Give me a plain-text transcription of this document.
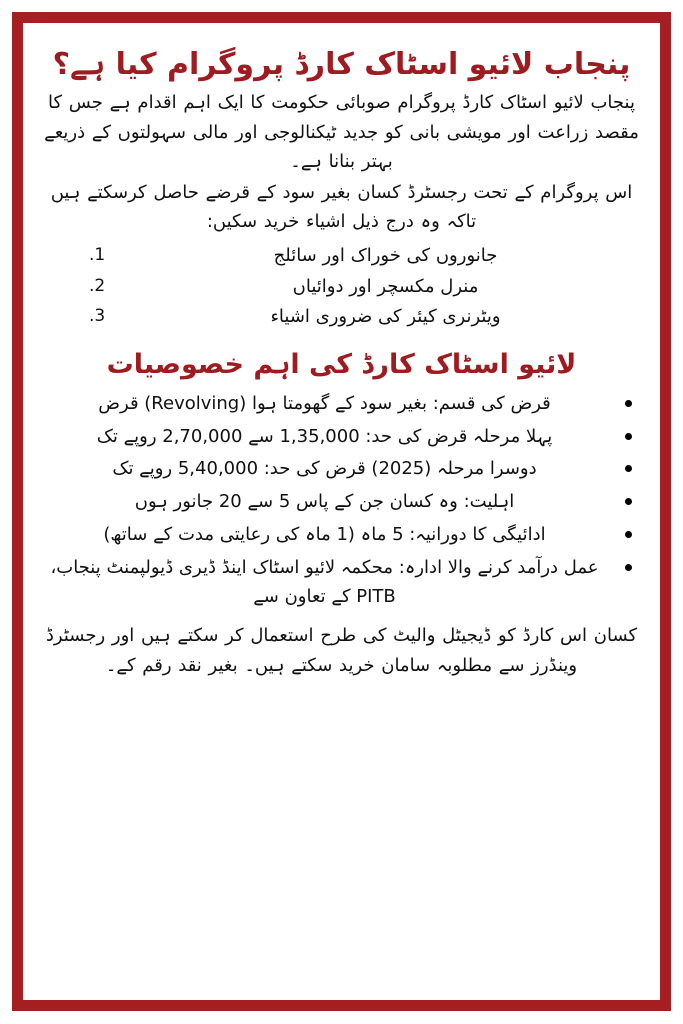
پنجاب لائیو اسٹاک کارڈ پروگرام کیا ہے؟

پنجاب لائیو اسٹاک کارڈ پروگرام صوبائی حکومت کا ایک اہم اقدام ہے جس کا مقصد زراعت اور مویشی بانی کو جدید ٹیکنالوجی اور مالی سہولتوں کے ذریعے بہتر بنانا ہے۔

اس پروگرام کے تحت رجسٹرڈ کسان بغیر سود کے قرضے حاصل کرسکتے ہیں تاکہ وہ درج ذیل اشیاء خرید سکیں:

.1	جانوروں کی خوراک اور سائلج
.2	منرل مکسچر اور دوائیاں
.3	ویٹرنری کیئر کی ضروری اشیاء
لائیو اسٹاک کارڈ کی اہم خصوصیات
قرض کی قسم: بغیر سود کے گھومتا ہوا (Revolving) قرض
پہلا مرحلہ قرض کی حد: 1,35,000 سے 2,70,000 روپے تک
دوسرا مرحلہ (2025) قرض کی حد: 5,40,000 روپے تک
اہلیت: وہ کسان جن کے پاس 5 سے 20 جانور ہوں
ادائیگی کا دورانیہ: 5 ماہ (1 ماہ کی رعایتی مدت کے ساتھ)
عمل درآمد کرنے والا ادارہ: محکمہ لائیو اسٹاک اینڈ ڈیری ڈیولپمنٹ پنجاب، PITB کے تعاون سے

کسان اس کارڈ کو ڈیجیٹل والیٹ کی طرح استعمال کر سکتے ہیں اور رجسٹرڈ وینڈرز سے مطلوبہ سامان خرید سکتے ہیں۔ بغیر نقد رقم کے۔
